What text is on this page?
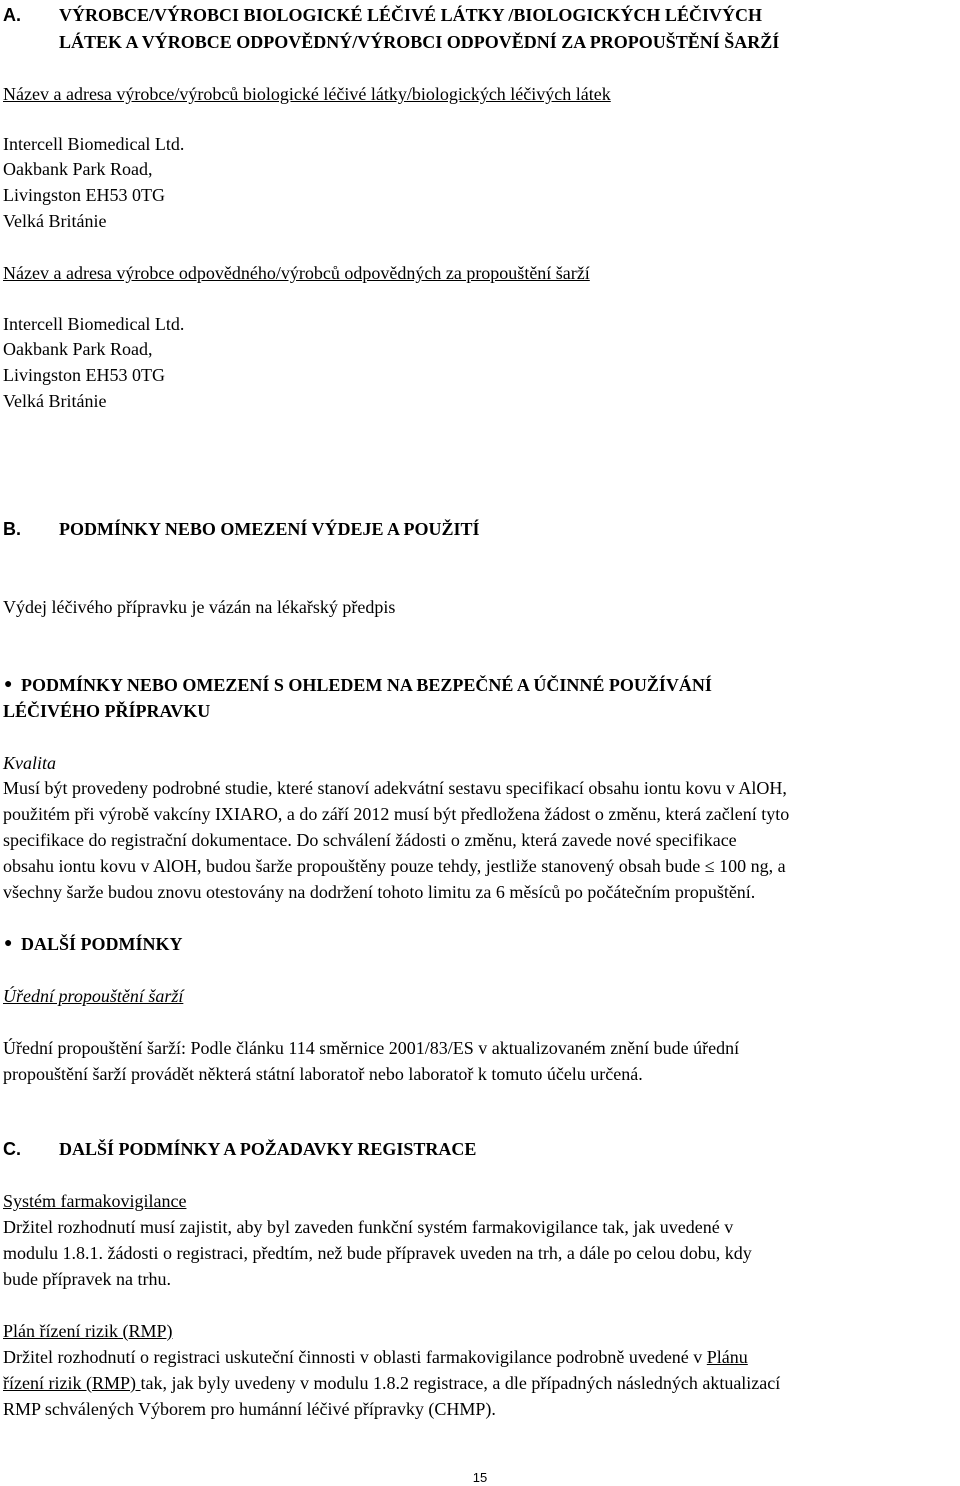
A. VÝROBCE/VÝROBCI BIOLOGICKÉ LÉČIVÉ LÁTKY /BIOLOGICKÝCH LÉČIVÝCH
LÁTEK A VÝROBCE ODPOVĚDNÝ/VÝROBCI ODPOVĚDNÍ ZA PROPOUŠTĚNÍ ŠARŽÍ
Název a adresa výrobce/výrobců biologické léčivé látky/biologických léčivých látek
Intercell Biomedical Ltd.
Oakbank Park Road,
Livingston EH53 0TG
Velká Británie
Název a adresa výrobce odpovědného/výrobců odpovědných za propouštění šarží
Intercell Biomedical Ltd.
Oakbank Park Road,
Livingston EH53 0TG
Velká Británie
B. PODMÍNKY NEBO OMEZENÍ VÝDEJE A POUŽITÍ
Výdej léčivého přípravku je vázán na lékařský předpis
● PODMÍNKY NEBO OMEZENÍ S OHLEDEM NA BEZPEČNÉ A ÚČINNÉ POUŽÍVÁNÍ
LÉČIVÉHO PŘÍPRAVKU
Kvalita
Musí být provedeny podrobné studie, které stanoví adekvátní sestavu specifikací obsahu iontu kovu v AlOH,
použitém při výrobě vakcíny IXIARO, a do září 2012 musí být předložena žádost o změnu, která začlení tyto
specifikace do registrační dokumentace. Do schválení žádosti o změnu, která zavede nové specifikace
obsahu iontu kovu v AlOH, budou šarže propouštěny pouze tehdy, jestliže stanovený obsah bude ≤ 100 ng, a
všechny šarže budou znovu otestovány na dodržení tohoto limitu za 6 měsíců po počátečním propuštění.
● DALŠÍ PODMÍNKY
Úřední propouštění šarží
Úřední propouštění šarží: Podle článku 114 směrnice 2001/83/ES v aktualizovaném znění bude úřední
propouštění šarží provádět některá státní laboratoř nebo laboratoř k tomuto účelu určená.
C. DALŠÍ PODMÍNKY A POŽADAVKY REGISTRACE
Systém farmakovigilance
Držitel rozhodnutí musí zajistit, aby byl zaveden funkční systém farmakovigilance tak, jak uvedené v
modulu 1.8.1. žádosti o registraci, předtím, než bude přípravek uveden na trh, a dále po celou dobu, kdy
bude přípravek na trhu.
Plán řízení rizik (RMP)
Držitel rozhodnutí o registraci uskuteční činnosti v oblasti farmakovigilance podrobně uvedené v Plánu
řízení rizik (RMP) tak, jak byly uvedeny v modulu 1.8.2 registrace, a dle případných následných aktualizací
RMP schválených Výborem pro humánní léčivé přípravky (CHMP).
15
